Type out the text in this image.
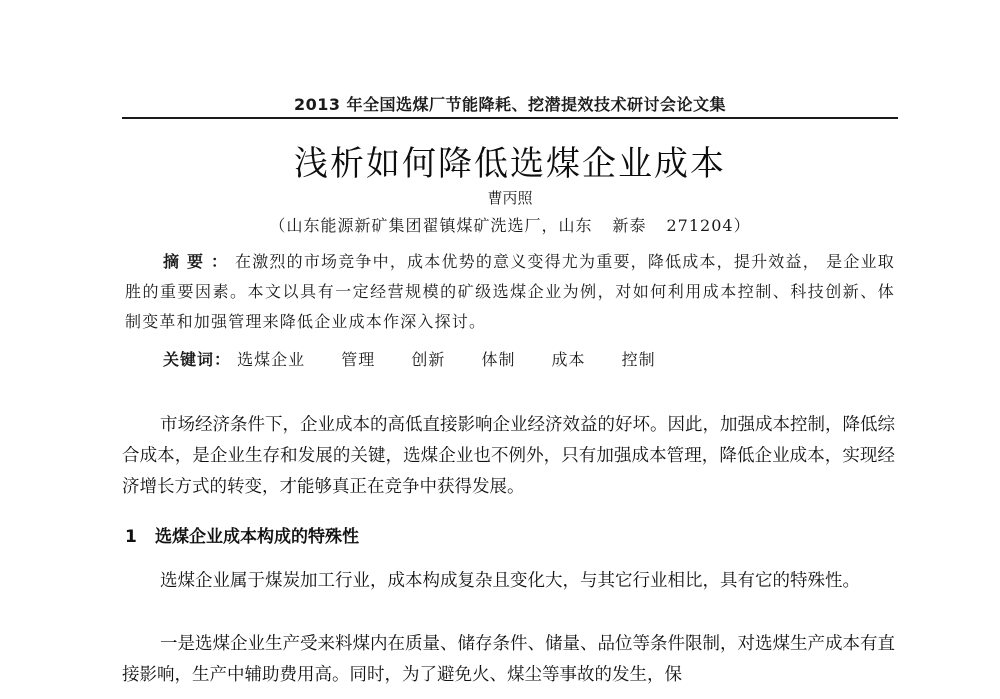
2013 年全国选煤厂节能降耗、挖潜提效技术研讨会论文集
浅析如何降低选煤企业成本
曹丙照
（山东能源新矿集团翟镇煤矿洗选厂，山东 新泰 271204）
摘要：在激烈的市场竞争中，成本优势的意义变得尤为重要，降低成本，提升效益， 是企业取胜的重要因素。本文以具有一定经营规模的矿级选煤企业为例，对如何利用成本控制、科技创新、体制变革和加强管理来降低企业成本作深入探讨。
关键词： 选煤企业 管理 创新 体制 成本 控制

市场经济条件下，企业成本的高低直接影响企业经济效益的好坏。因此，加强成本控制，降低综合成本，是企业生存和发展的关键，选煤企业也不例外，只有加强成本管理，降低企业成本，实现经济增长方式的转变，才能够真正在竞争中获得发展。

1 选煤企业成本构成的特殊性

选煤企业属于煤炭加工行业，成本构成复杂且变化大，与其它行业相比，具有它的特殊性。

一是选煤企业生产受来料煤内在质量、储存条件、储量、品位等条件限制，对选煤生产成本有直接影响，生产中辅助费用高。同时，为了避免火、煤尘等事故的发生，保
